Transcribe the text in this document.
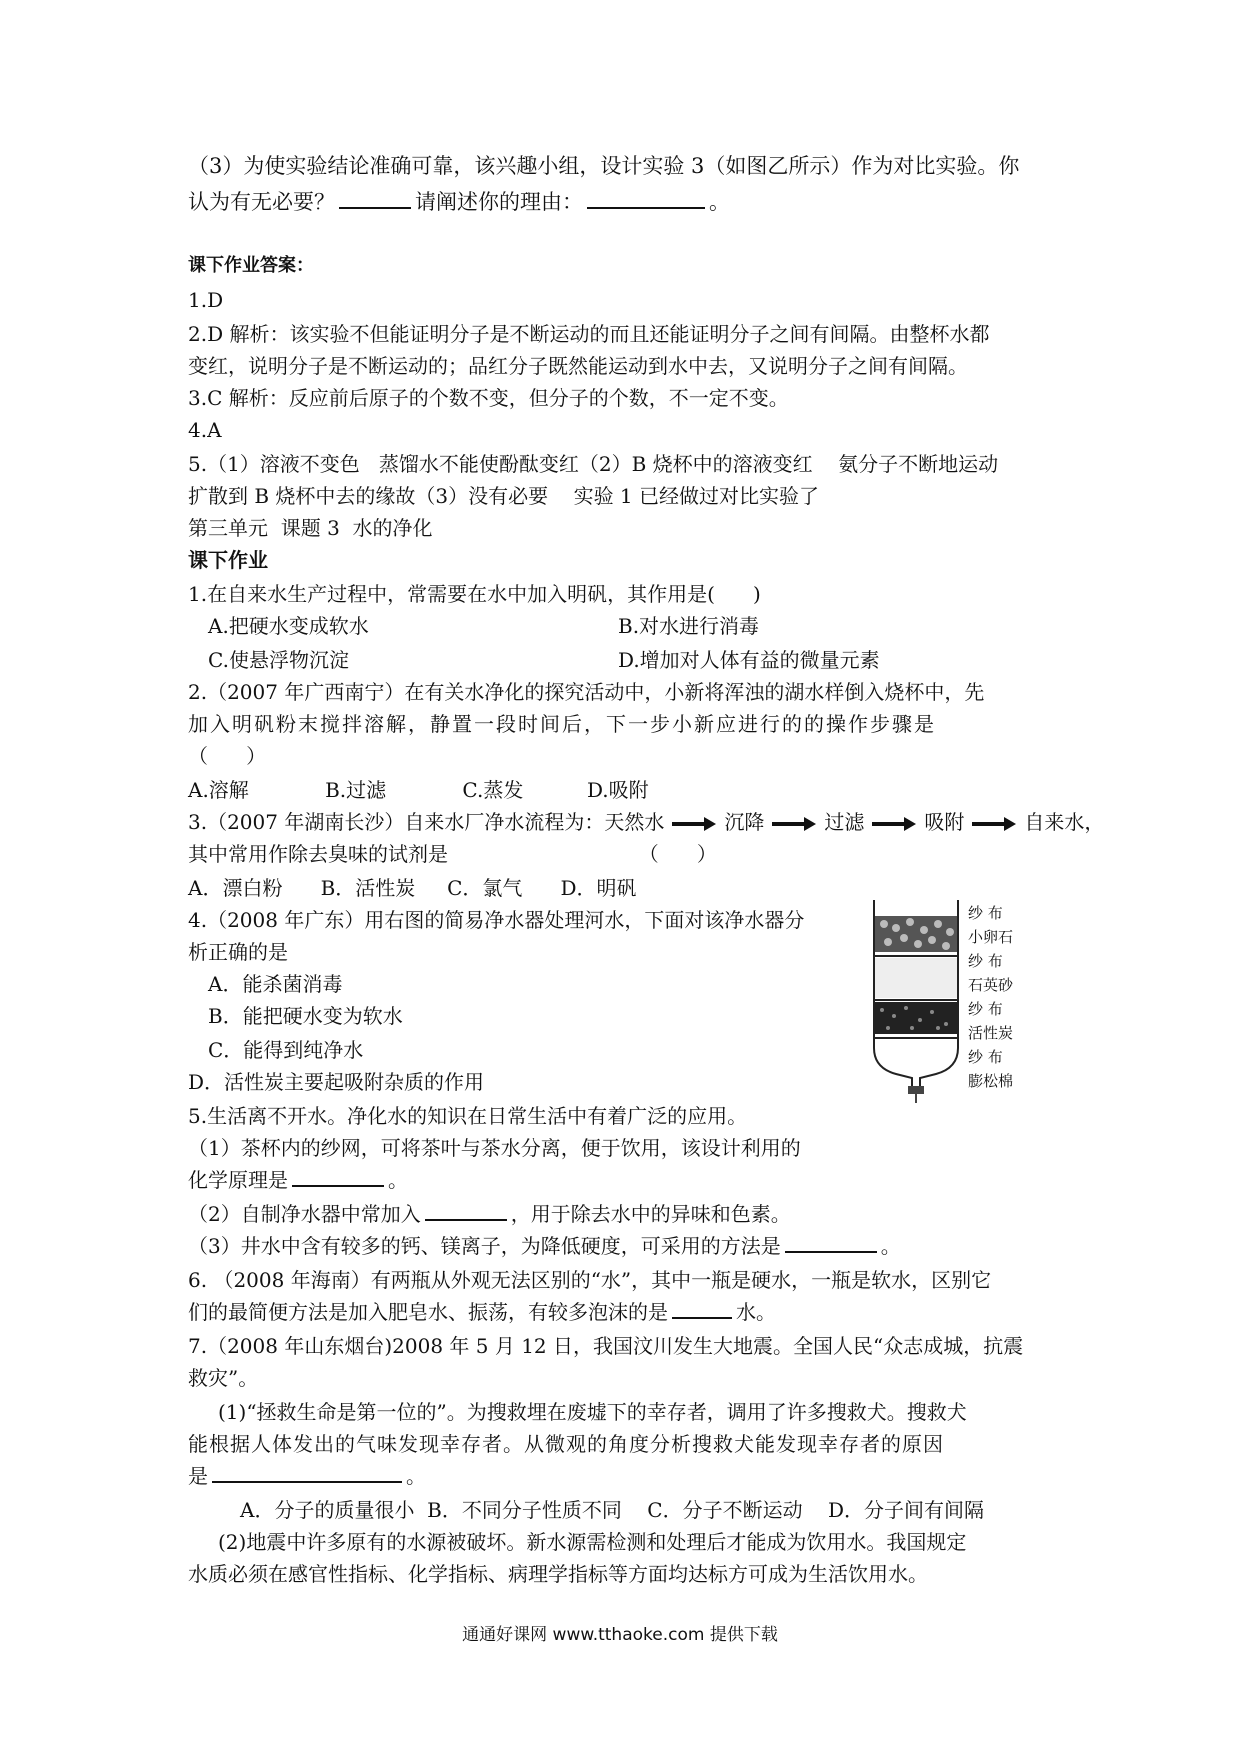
（3）为使实验结论准确可靠，该兴趣小组，设计实验 3（如图乙所示）作为对比实验。你
认为有无必要？	请阐述你的理由：	。
课下作业答案：
1.D
2.D 解析：该实验不但能证明分子是不断运动的而且还能证明分子之间有间隔。由整杯水都
变红，说明分子是不断运动的；品红分子既然能运动到水中去，又说明分子之间有间隔。
3.C 解析：反应前后原子的个数不变，但分子的个数，不一定不变。
4.A
5.（1）溶液不变色   蒸馏水不能使酚酞变红（2）B 烧杯中的溶液变红    氨分子不断地运动
扩散到 B 烧杯中去的缘故（3）没有必要    实验 1 已经做过对比实验了
第三单元  课题 3  水的净化
课下作业
1.在自来水生产过程中，常需要在水中加入明矾，其作用是(      )
A.把硬水变成软水	B.对水进行消毒
C.使悬浮物沉淀	D.增加对人体有益的微量元素
2.（2007 年广西南宁）在有关水净化的探究活动中，小新将浑浊的湖水样倒入烧杯中，先
加入明矾粉末搅拌溶解，静置一段时间后，下一步小新应进行的的操作步骤是
（      ）
A.溶解            B.过滤            C.蒸发          D.吸附
3.（2007 年湖南长沙）自来水厂净水流程为：天然水	沉降	过滤	吸附	自来水，
其中常用作除去臭味的试剂是                              （      ）
A．漂白粉      B．活性炭     C．氯气      D．明矾
4.（2008 年广东）用右图的简易净水器处理河水，下面对该净水器分
析正确的是
A．能杀菌消毒
B．能把硬水变为软水
C．能得到纯净水
D．活性炭主要起吸附杂质的作用
纱 布
小卵石
纱 布
石英砂
纱 布
活性炭
纱 布
膨松棉
5.生活离不开水。净化水的知识在日常生活中有着广泛的应用。
（1）茶杯内的纱网，可将茶叶与茶水分离，便于饮用，该设计利用的
化学原理是	。
（2）自制净水器中常加入	，用于除去水中的异味和色素。
（3）井水中含有较多的钙、镁离子，为降低硬度，可采用的方法是	。
6. （2008 年海南）有两瓶从外观无法区别的“水”，其中一瓶是硬水，一瓶是软水，区别它
们的最简便方法是加入肥皂水、振荡，有较多泡沫的是	水。
7.（2008 年山东烟台)2008 年 5 月 12 日，我国汶川发生大地震。全国人民“众志成城，抗震
救灾”。
(1)“拯救生命是第一位的”。为搜救埋在废墟下的幸存者，调用了许多搜救犬。搜救犬
能根据人体发出的气味发现幸存者。从微观的角度分析搜救犬能发现幸存者的原因
是	。
A．分子的质量很小  B．不同分子性质不同    C．分子不断运动    D．分子间有间隔
(2)地震中许多原有的水源被破坏。新水源需检测和处理后才能成为饮用水。我国规定
水质必须在感官性指标、化学指标、病理学指标等方面均达标方可成为生活饮用水。
通通好课网 www.tthaoke.com 提供下载
